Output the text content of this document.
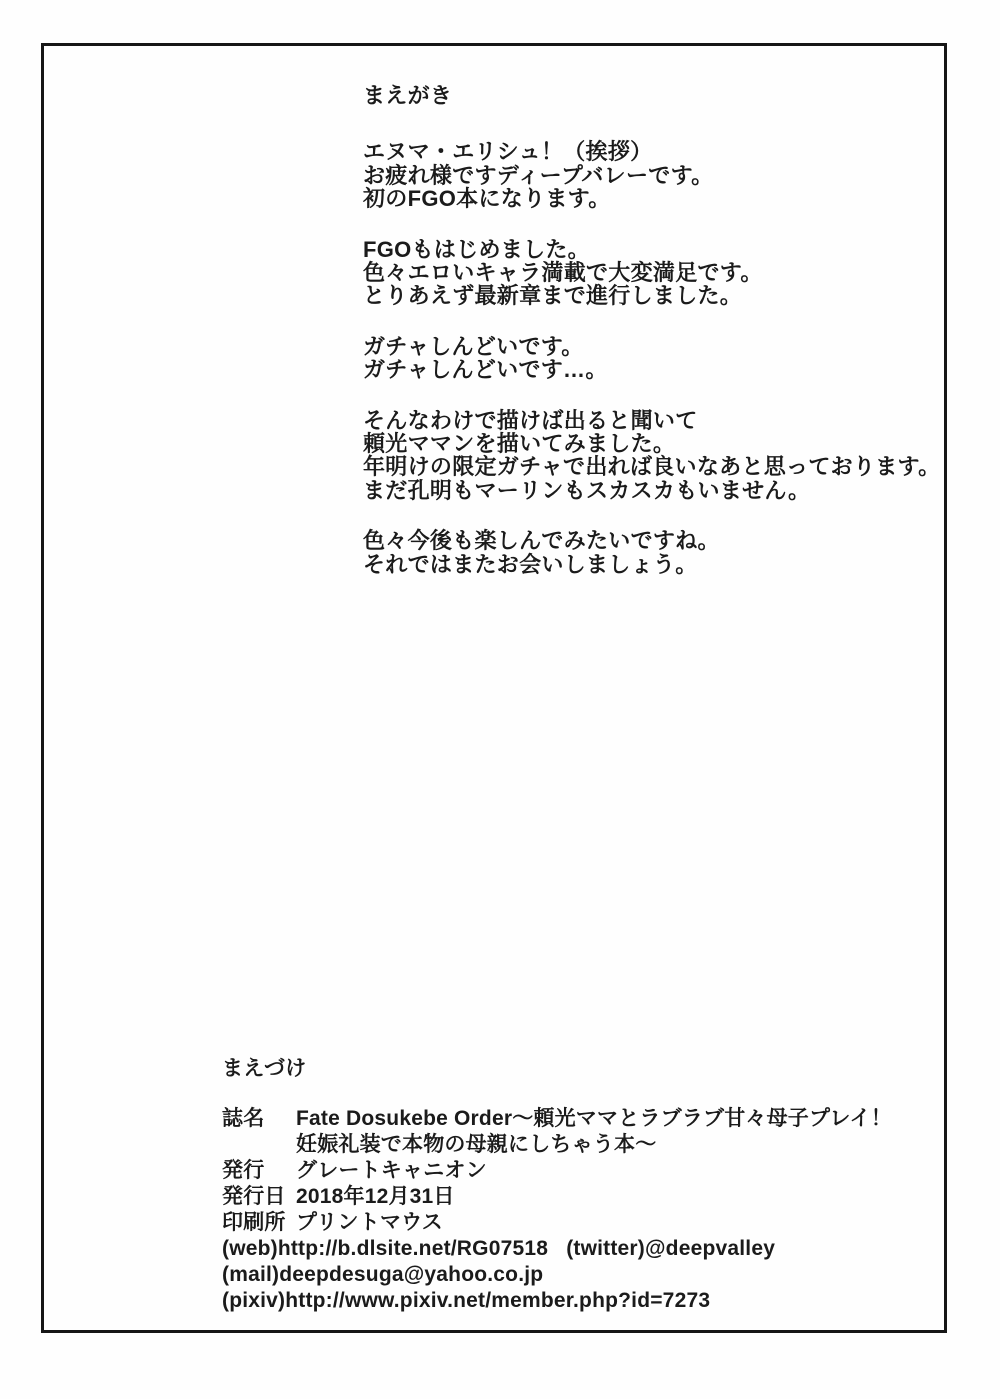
まえがき
エヌマ・エリシュ！（挨拶）
お疲れ様ですディープバレーです。
初のFGO本になります。
FGOもはじめました。
色々エロいキャラ満載で大変満足です。
とりあえず最新章まで進行しました。
ガチャしんどいです。
ガチャしんどいです…。
そんなわけで描けば出ると聞いて
頼光ママンを描いてみました。
年明けの限定ガチャで出れば良いなあと思っております。
まだ孔明もマーリンもスカスカもいません。
色々今後も楽しんでみたいですね。
それではまたお会いしましょう。
まえづけ
誌名	Fate Dosukebe Order〜頼光ママとラブラブ甘々母子プレイ！
妊娠礼装で本物の母親にしちゃう本〜
発行	グレートキャニオン
発行日 2018年12月31日
印刷所 プリントマウス
(web)http://b.dlsite.net/RG07518   (twitter)@deepvalley
(mail)deepdesuga@yahoo.co.jp
(pixiv)http://www.pixiv.net/member.php?id=7273
